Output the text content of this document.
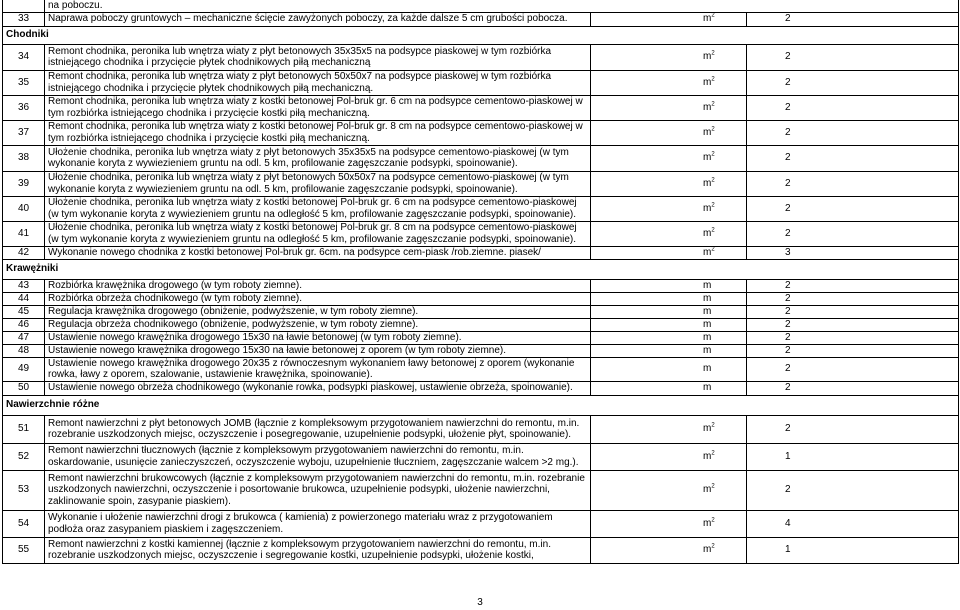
	na poboczu.		
33	Naprawa poboczy gruntowych – mechaniczne ścięcie zawyżonych poboczy, za każde dalsze 5 cm grubości pobocza.	$m^2$	2
Chodniki			
34	Remont chodnika, peronika lub wnętrza wiaty z płyt betonowych 35x35x5 na podsypce piaskowej w tym rozbiórka istniejącego chodnika i przycięcie płytek chodnikowych piłą mechaniczną	$m^2$	2
35	Remont chodnika, peronika lub wnętrza wiaty z płyt betonowych 50x50x7 na podsypce piaskowej w tym rozbiórka istniejącego chodnika i przycięcie płytek chodnikowych piłą mechaniczną.	$m^2$	2
36	Remont chodnika, peronika lub wnętrza wiaty z kostki betonowej Pol-bruk gr. 6 cm na podsypce cementowo-piaskowej w tym rozbiórka istniejącego chodnika i przycięcie kostki piłą mechaniczną.	$m^2$	2
37	Remont chodnika, peronika lub wnętrza wiaty z kostki betonowej Pol-bruk gr. 8 cm na podsypce cementowo-piaskowej w tym rozbiórka istniejącego chodnika i przycięcie kostki piłą mechaniczną.	$m^2$	2
38	Ułożenie chodnika, peronika lub wnętrza wiaty z płyt betonowych 35x35x5 na podsypce cementowo-piaskowej (w tym wykonanie koryta z wywiezieniem gruntu na odl. 5 km, profilowanie zagęszczanie podsypki, spoinowanie).	$m^2$	2
39	Ułożenie chodnika, peronika lub wnętrza wiaty z płyt betonowych 50x50x7 na podsypce cementowo-piaskowej (w tym wykonanie koryta z wywiezieniem gruntu na odl. 5 km, profilowanie zagęszczanie podsypki, spoinowanie).	$m^2$	2
40	Ułożenie chodnika, peronika lub wnętrza wiaty z kostki betonowej Pol-bruk gr. 6 cm na podsypce cementowo-piaskowej (w tym wykonanie koryta z wywiezieniem gruntu na odległość 5 km, profilowanie zagęszczanie podsypki, spoinowanie).	$m^2$	2
41	Ułożenie chodnika, peronika lub wnętrza wiaty z kostki betonowej Pol-bruk gr. 8 cm na podsypce cementowo-piaskowej (w tym wykonanie koryta z wywiezieniem gruntu na odległość 5 km, profilowanie zagęszczanie podsypki, spoinowanie).	$m^2$	2
42	Wykonanie nowego chodnika z kostki betonowej Pol-bruk gr. 6cm. na podsypce cem-piask /rob.ziemne. piasek/	$m^2$	3
Krawężniki			
43	Rozbiórka krawężnika drogowego (w tym roboty ziemne).	m	2
44	Rozbiórka obrzeża chodnikowego (w tym roboty ziemne).	m	2
45	Regulacja krawężnika drogowego (obniżenie, podwyższenie, w tym roboty ziemne).	m	2
46	Regulacja obrzeża chodnikowego (obniżenie, podwyższenie, w tym roboty ziemne).	m	2
47	Ustawienie nowego krawężnika drogowego 15x30 na ławie betonowej (w tym roboty ziemne).	m	2
48	Ustawienie nowego krawężnika drogowego 15x30 na ławie betonowej z oporem (w tym roboty ziemne).	m	2
49	Ustawienie nowego krawężnika drogowego 20x35 z równoczesnym wykonaniem ławy betonowej z oporem (wykonanie rowka, ławy z oporem, szalowanie, ustawienie krawężnika, spoinowanie).	m	2
50	Ustawienie nowego obrzeża chodnikowego (wykonanie rowka, podsypki piaskowej, ustawienie obrzeża, spoinowanie).	m	2
Nawierzchnie różne			
51	Remont nawierzchni z płyt betonowych JOMB (łącznie z kompleksowym przygotowaniem nawierzchni do remontu, m.in. rozebranie uszkodzonych miejsc, oczyszczenie i posegregowanie, uzupełnienie podsypki, ułożenie płyt, spoinowanie).	$m^2$	2
52	Remont nawierzchni tłucznowych (łącznie z kompleksowym przygotowaniem nawierzchni do remontu, m.in. oskardowanie, usunięcie zanieczyszczeń, oczyszczenie wyboju, uzupełnienie tłuczniem, zagęszczanie walcem >2 mg.).	$m^2$	1
53	Remont nawierzchni brukowcowych (łącznie z kompleksowym przygotowaniem nawierzchni do remontu, m.in. rozebranie uszkodzonych nawierzchni, oczyszczenie i posortowanie brukowca, uzupełnienie podsypki, ułożenie nawierzchni, zaklinowanie spoin, zasypanie piaskiem).	$m^2$	2
54	Wykonanie i ułożenie nawierzchni drogi z brukowca ( kamienia) z powierzonego materiału wraz z przygotowaniem podłoża oraz zasypaniem piaskiem i zagęszczeniem.	$m^2$	4
55	Remont nawierzchni z kostki kamiennej (łącznie z kompleksowym przygotowaniem nawierzchni do remontu, m.in. rozebranie uszkodzonych miejsc, oczyszczenie i segregowanie kostki, uzupełnienie podsypki, ułożenie kostki,	$m^2$	1
3
